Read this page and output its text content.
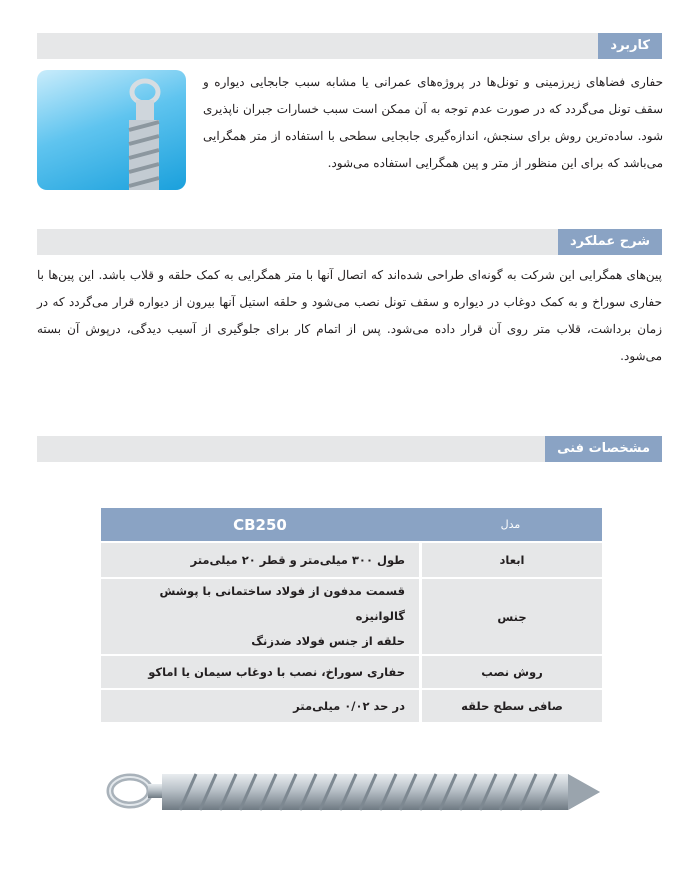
کاربرد
حفاری فضاهای زیرزمینی و تونل‌ها در پروژه‌های عمرانی یا مشابه سبب جابجایی دیواره و سقف تونل می‌گردد که در صورت عدم توجه به آن ممکن است سبب خسارات جبران ناپذیری شود. ساده‌ترین روش برای سنجش، اندازه‌گیری جابجایی سطحی با استفاده از متر همگرایی می‌باشد که برای این منظور از متر و پین همگرایی استفاده می‌شود.
شرح عملکرد
پین‌های همگرایی این شرکت به گونه‌ای طراحی شده‌اند که اتصال آنها با متر همگرایی به کمک حلقه و قلاب باشد. این پین‌ها با حفاری سوراخ و به کمک دوغاب در دیواره و سقف تونل نصب می‌شود و حلقه استیل آنها بیرون از دیواره قرار می‌گردد که در زمان برداشت، قلاب متر روی آن قرار داده می‌شود. پس از اتمام کار برای جلوگیری از آسیب دیدگی، درپوش آن بسته می‌شود.
مشخصات فنی
مدل	CB250
ابعاد	طول ۳۰۰ میلی‌متر و قطر ۲۰ میلی‌متر
جنس	قسمت مدفون از فولاد ساختمانی با پوشش گالوانیزه
حلقه از جنس فولاد ضدزنگ

روش نصب	حفاری سوراخ، نصب با دوغاب سیمان یا اماکو
صافی سطح حلقه	در حد ۰/۰۲ میلی‌متر
